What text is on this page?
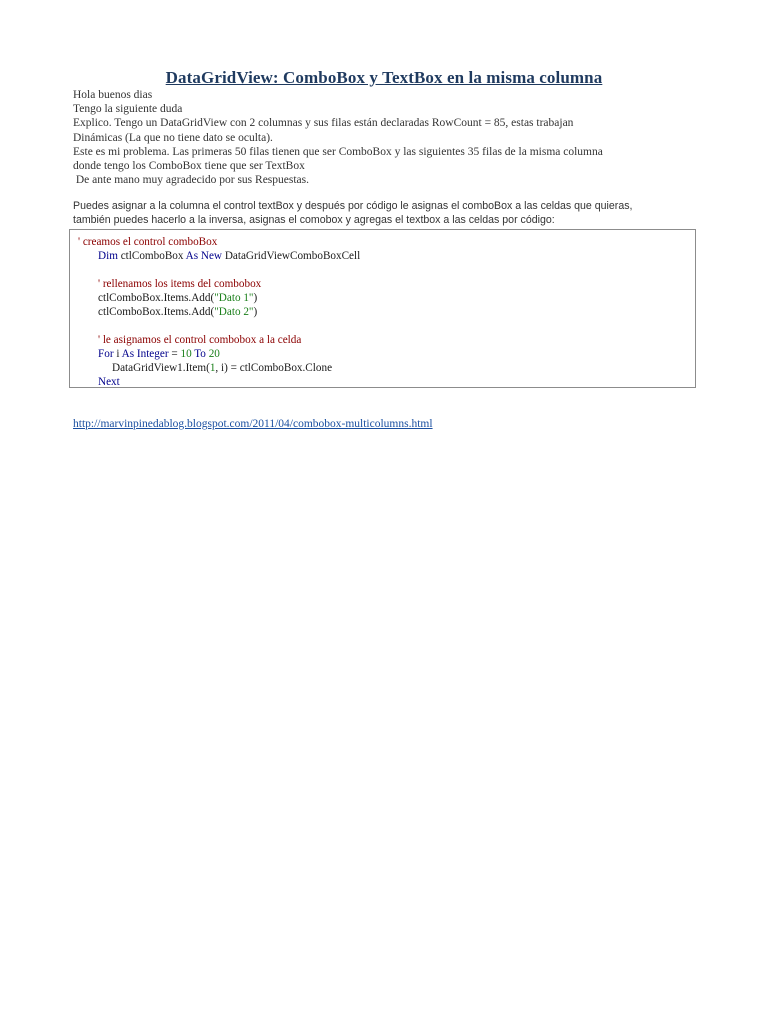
DataGridView: ComboBox y TextBox en la misma columna
Hola buenos dias
Tengo la siguiente duda
Explico. Tengo un DataGridView con 2 columnas y sus filas están declaradas RowCount = 85, estas trabajan
Dinámicas (La que no tiene dato se oculta).
Este es mi problema. Las primeras 50 filas tienen que ser ComboBox y las siguientes 35 filas de la misma columna
donde tengo los ComboBox tiene que ser TextBox
De ante mano muy agradecido por sus Respuestas.
Puedes asignar a la columna el control textBox y después por código le asignas el comboBox a las celdas que quieras,
también puedes hacerlo a la inversa, asignas el comobox y agregas el textbox a las celdas por código:
' creamos el control comboBox
Dim ctlComboBox As New DataGridViewComboBoxCell
' rellenamos los items del combobox
ctlComboBox.Items.Add("Dato 1")
ctlComboBox.Items.Add("Dato 2")
' le asignamos el control combobox a la celda
For i As Integer = 10 To 20
DataGridView1.Item(1, i) = ctlComboBox.Clone
Next
http://marvinpinedablog.blogspot.com/2011/04/combobox-multicolumns.html
